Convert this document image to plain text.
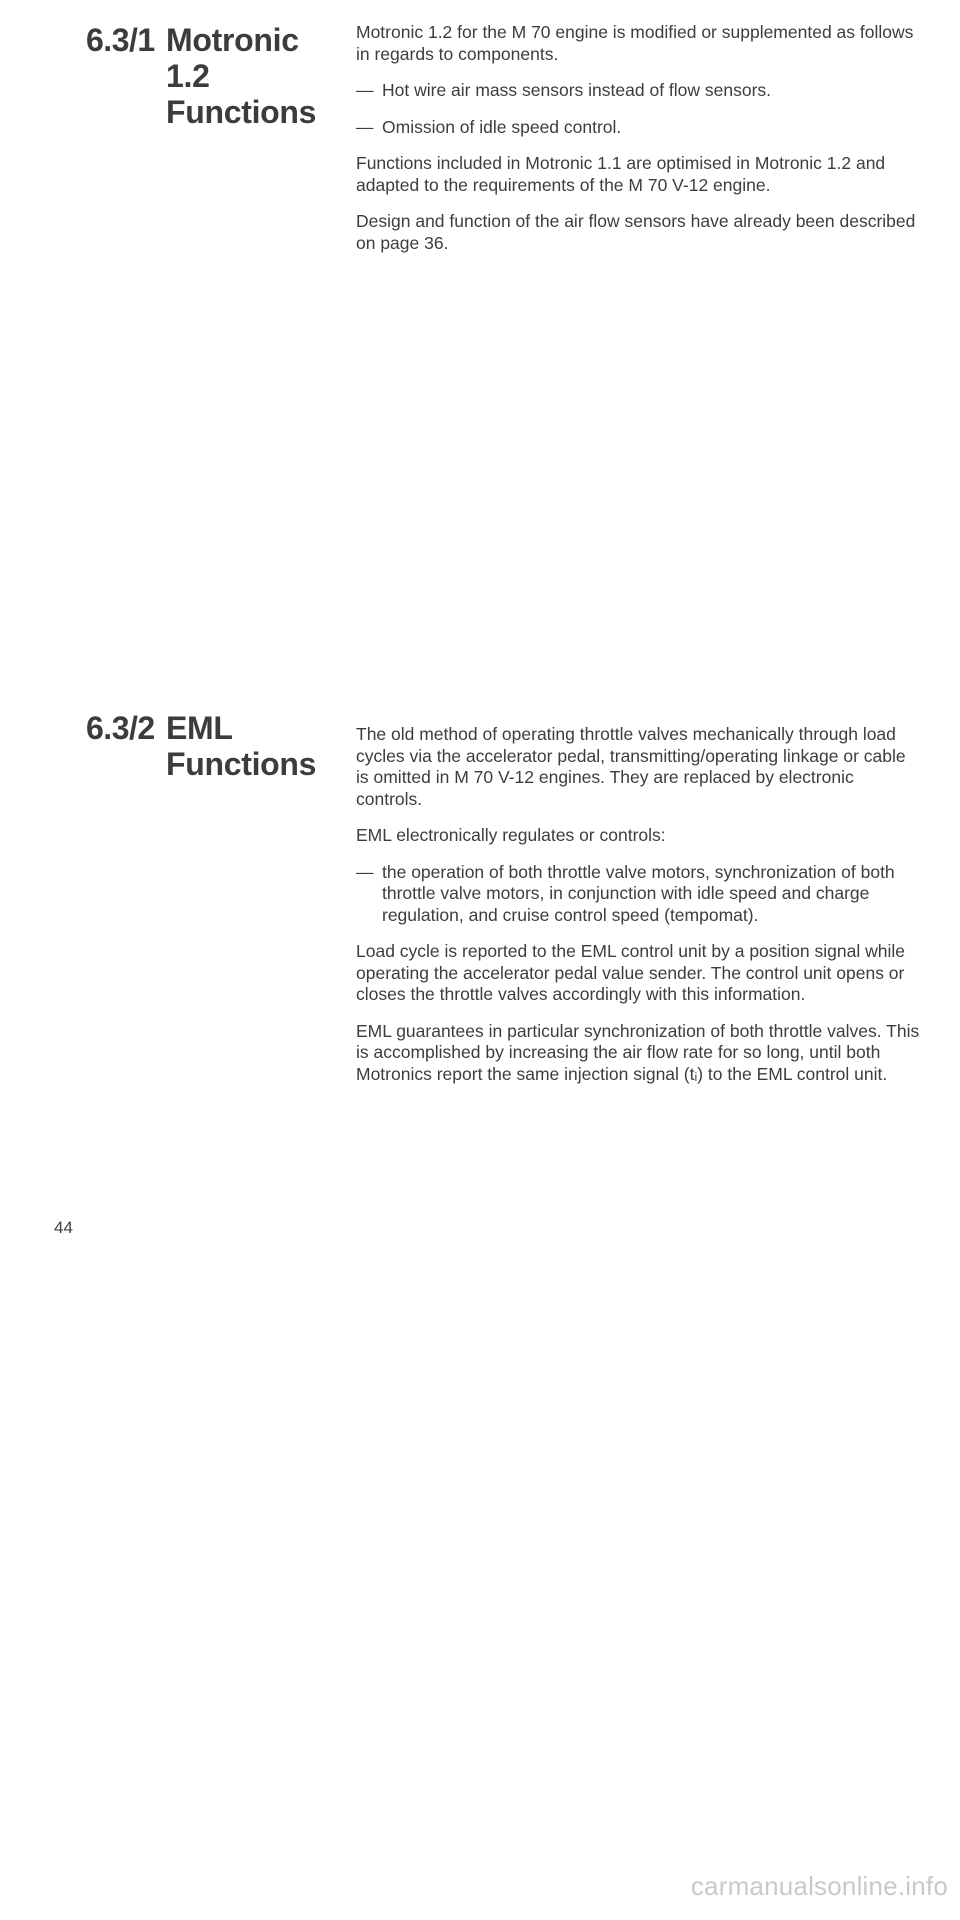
6.3/1 Motronic
1.2
Functions

Motronic 1.2 for the M 70 engine is modified or supplemented as follows in regards to components.

— Hot wire air mass sensors instead of flow sensors.
— Omission of idle speed control.

Functions included in Motronic 1.1 are optimised in Motronic 1.2 and adapted to the requirements of the M 70 V-12 engine.

Design and function of the air flow sensors have already been described on page 36.

6.3/2 EML
Functions

The old method of operating throttle valves mechanically through load cycles via the accelerator pedal, transmitting/operating linkage or cable is omitted in M 70 V-12 engines. They are replaced by electronic controls.

EML electronically regulates or controls:

— the operation of both throttle valve motors, synchronization of both throttle valve motors, in conjunction with idle speed and charge regulation, and cruise control speed (tempomat).

Load cycle is reported to the EML control unit by a position signal while operating the accelerator pedal value sender. The control unit opens or closes the throttle valves accordingly with this information.

EML guarantees in particular synchronization of both throttle valves. This is accomplished by increasing the air flow rate for so long, until both Motronics report the same injection signal (tᵢ) to the EML control unit.

44
carmanualsonline.info
